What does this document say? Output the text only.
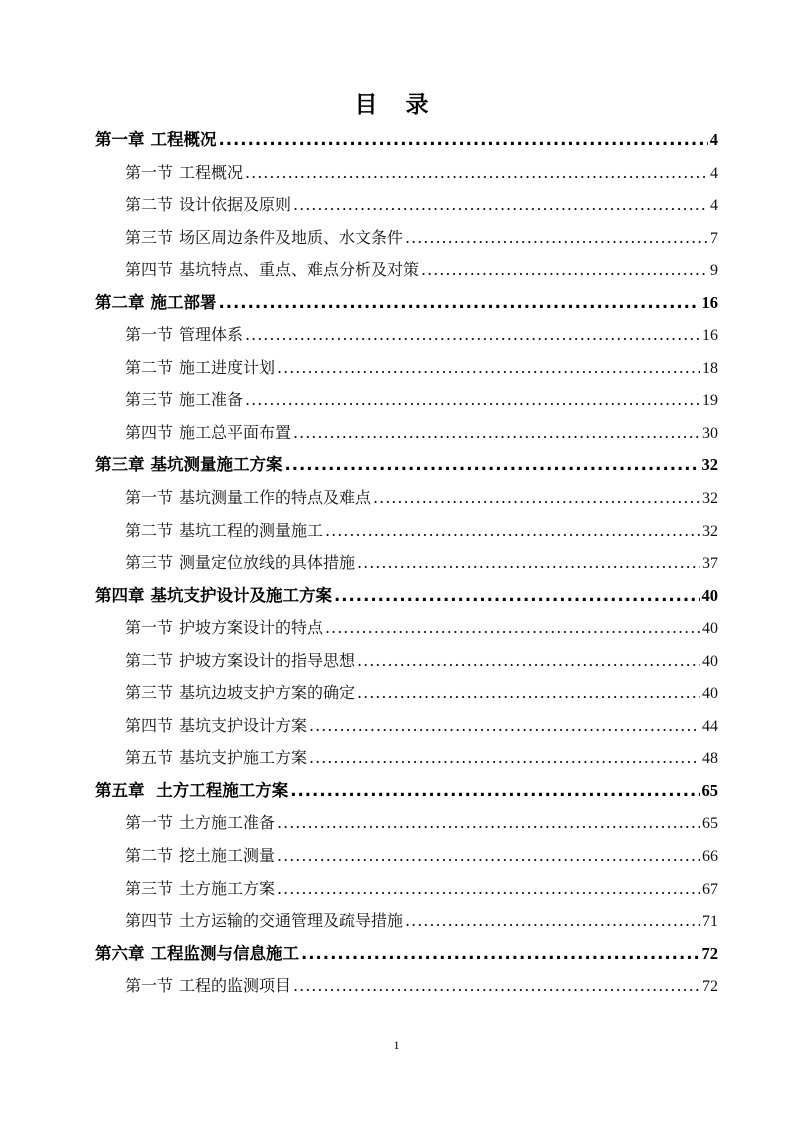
目 录
第一章 工程概况 .....	4
第一节 工程概况 .....	4
第二节 设计依据及原则 .....	4
第三节 场区周边条件及地质、水文条件 .....	7
第四节 基坑特点、重点、难点分析及对策 .....	9
第二章 施工部署 .....	16
第一节 管理体系 .....	16
第二节 施工进度计划 .....	18
第三节 施工准备 .....	19
第四节 施工总平面布置 .....	30
第三章 基坑测量施工方案 .....	32
第一节 基坑测量工作的特点及难点 .....	32
第二节 基坑工程的测量施工 .....	32
第三节 测量定位放线的具体措施 .....	37
第四章 基坑支护设计及施工方案 .....	40
第一节 护坡方案设计的特点 .....	40
第二节 护坡方案设计的指导思想 .....	40
第三节 基坑边坡支护方案的确定 .....	40
第四节 基坑支护设计方案 .....	44
第五节 基坑支护施工方案 .....	48
第五章 土方工程施工方案 .....	65
第一节 土方施工准备 .....	65
第二节 挖土施工测量 .....	66
第三节 土方施工方案 .....	67
第四节 土方运输的交通管理及疏导措施 .....	71
第六章 工程监测与信息施工 .....	72
第一节 工程的监测项目 .....	72
1
